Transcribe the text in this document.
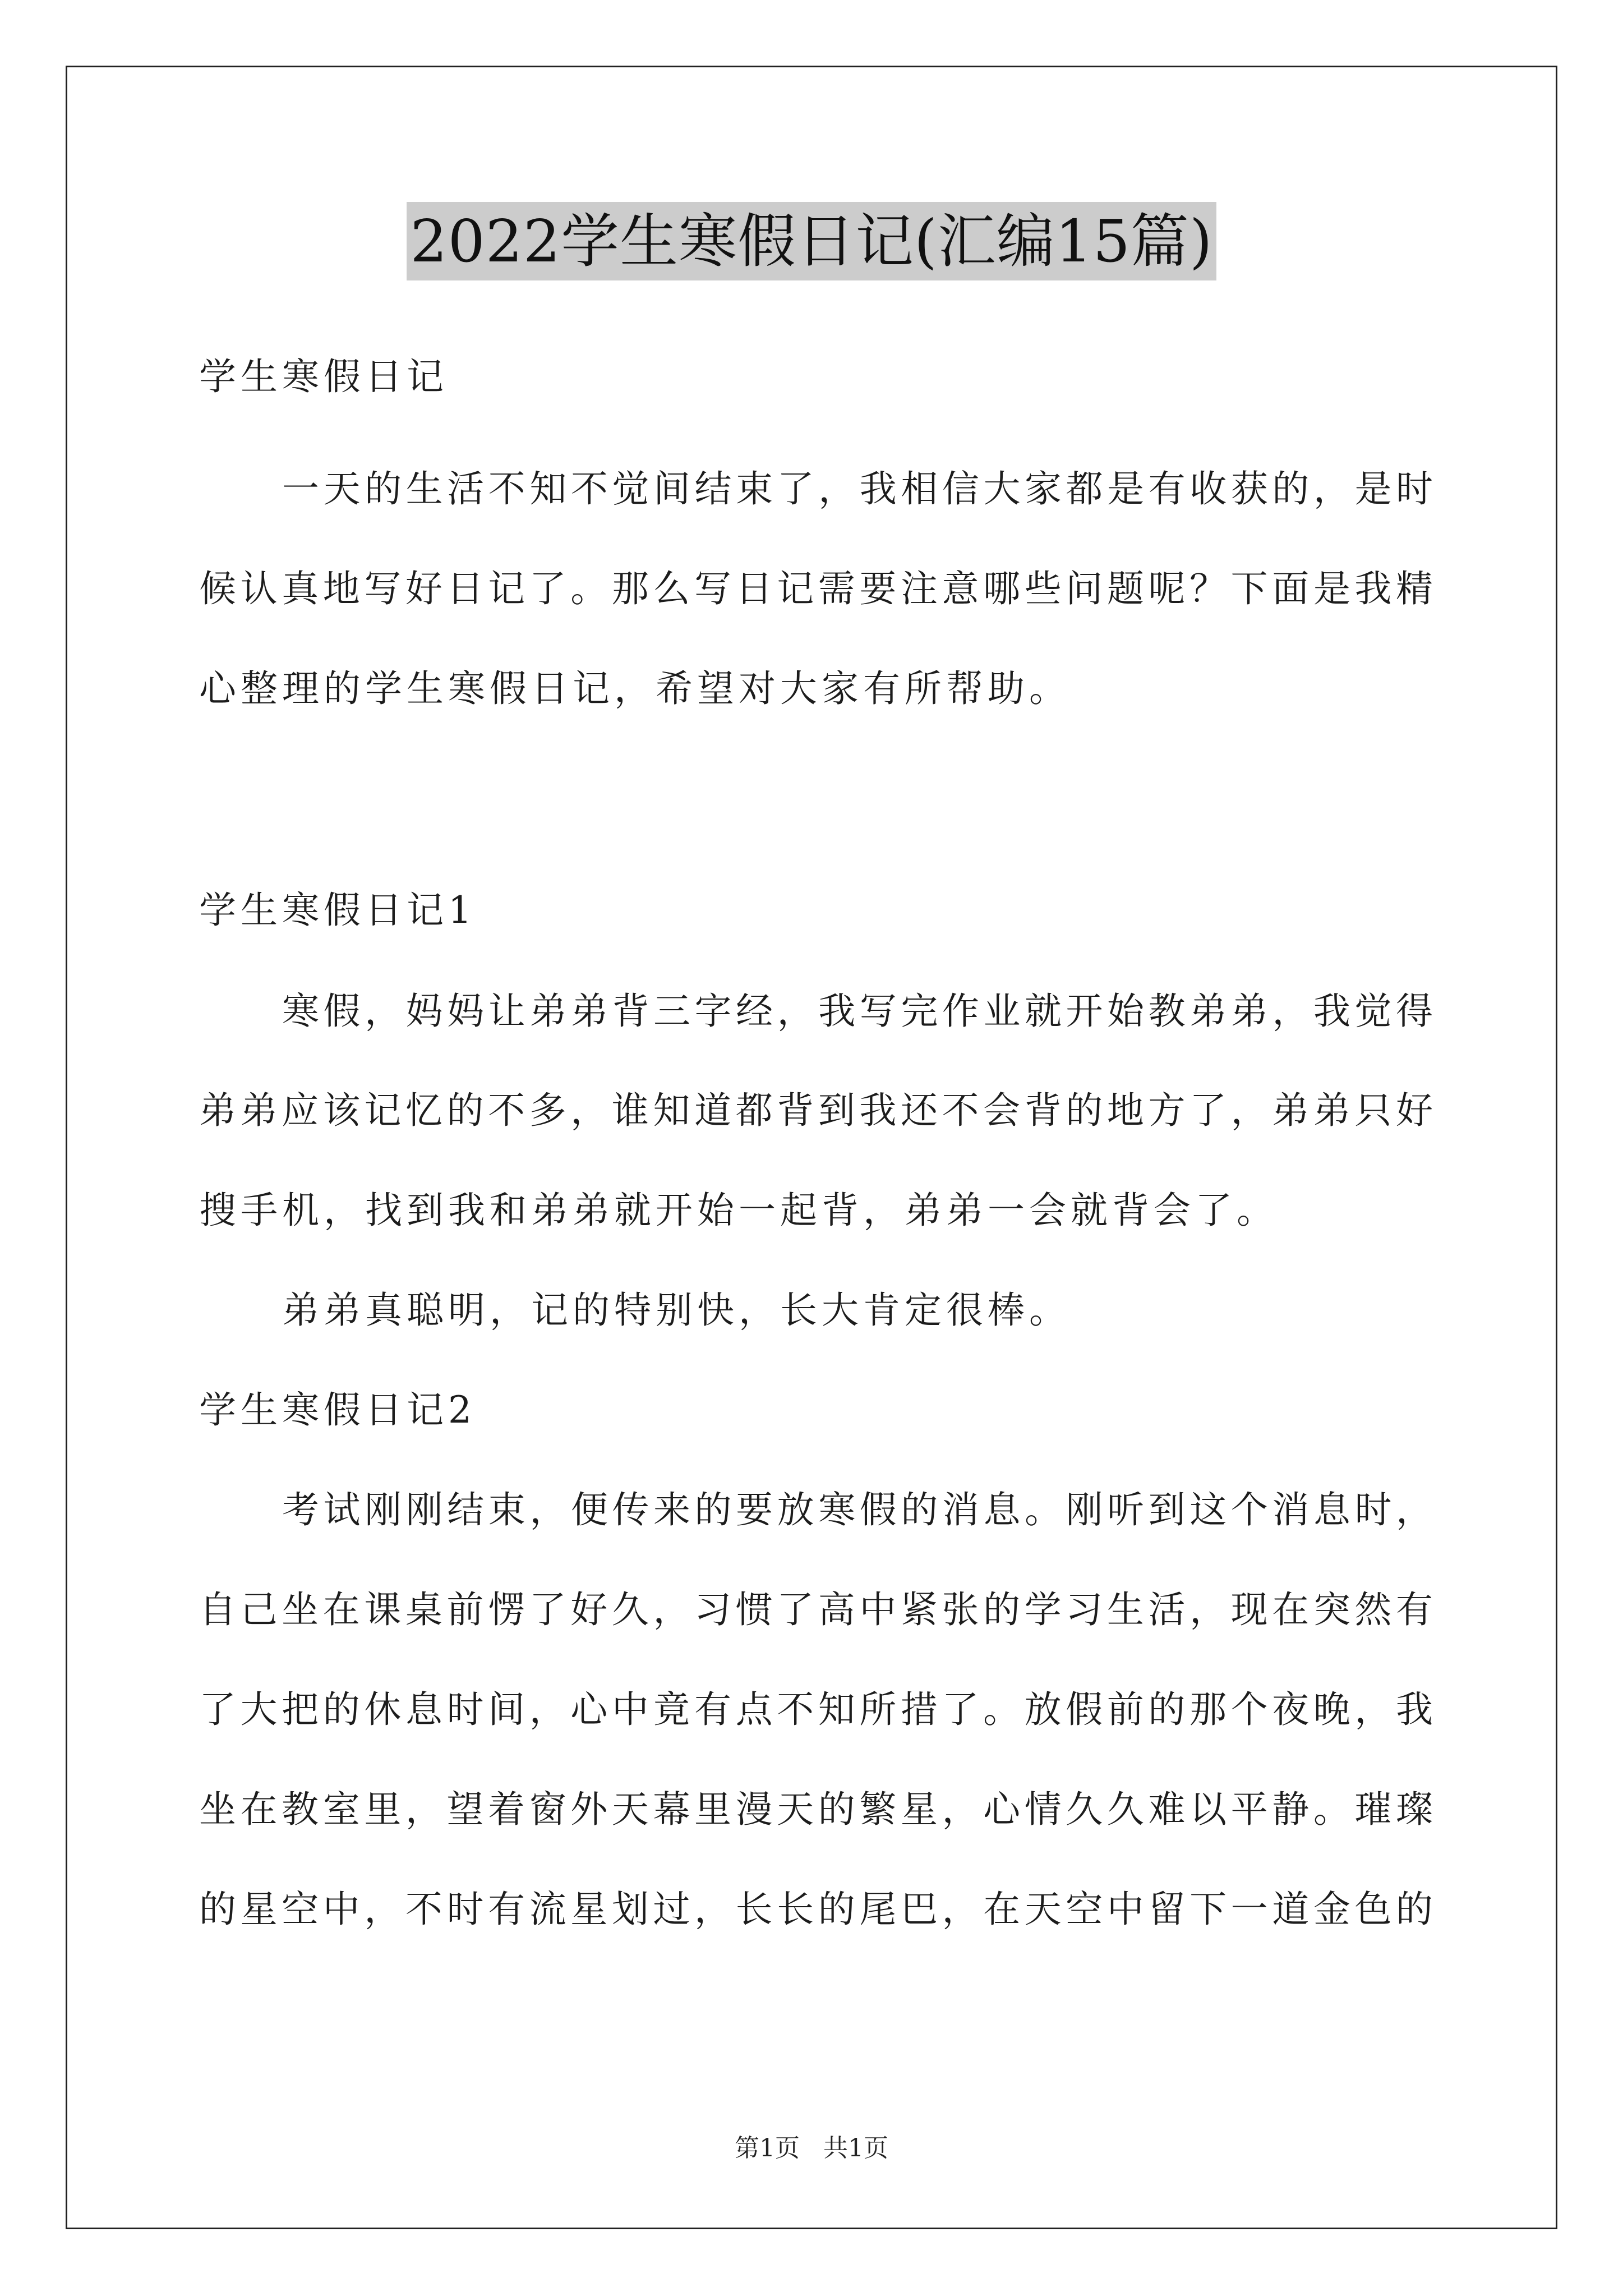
2022学生寒假日记(汇编15篇)
学生寒假日记
一天的生活不知不觉间结束了，我相信大家都是有收获的，是时
候认真地写好日记了。那么写日记需要注意哪些问题呢？下面是我精
心整理的学生寒假日记，希望对大家有所帮助。
学生寒假日记1
寒假，妈妈让弟弟背三字经，我写完作业就开始教弟弟，我觉得
弟弟应该记忆的不多，谁知道都背到我还不会背的地方了，弟弟只好
搜手机，找到我和弟弟就开始一起背，弟弟一会就背会了。
弟弟真聪明，记的特别快，长大肯定很棒。
学生寒假日记2
考试刚刚结束，便传来的要放寒假的消息。刚听到这个消息时，
自己坐在课桌前愣了好久，习惯了高中紧张的学习生活，现在突然有
了大把的休息时间，心中竟有点不知所措了。放假前的那个夜晚，我
坐在教室里，望着窗外天幕里漫天的繁星，心情久久难以平静。璀璨
的星空中，不时有流星划过，长长的尾巴，在天空中留下一道金色的
第1页   共1页
